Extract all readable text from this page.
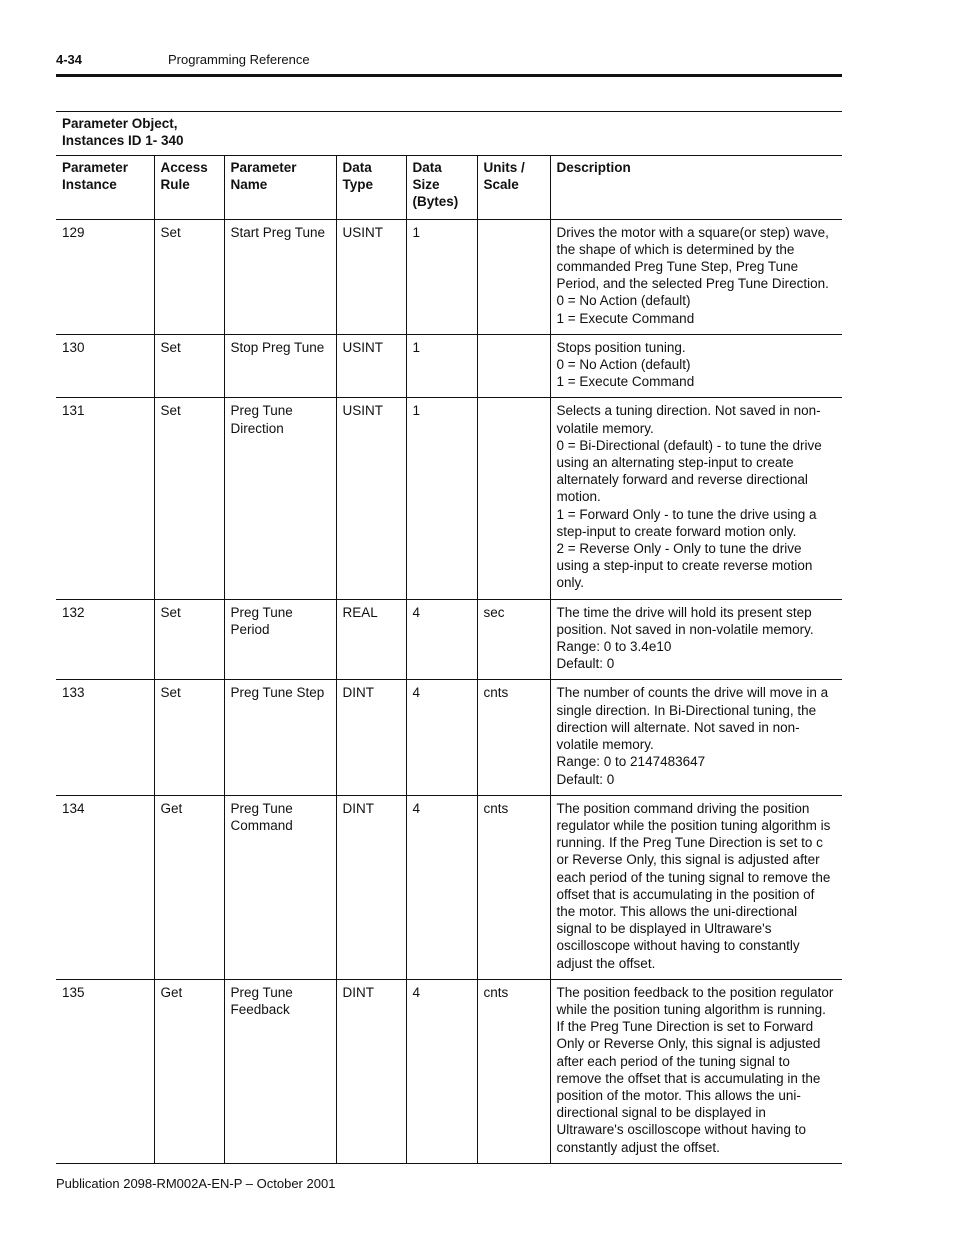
4-34	Programming Reference
Parameter Object,
Instances ID 1- 340
Parameter Instance	Access Rule	Parameter Name	Data Type	Data Size (Bytes)	Units / Scale	Description
129	Set	Start Preg Tune	USINT	1		Drives the motor with a square(or step) wave, the shape of which is determined by the commanded Preg Tune Step, Preg Tune Period, and the selected Preg Tune Direction.
0 = No Action (default)
1 = Execute Command
130	Set	Stop Preg Tune	USINT	1		Stops position tuning.
0 = No Action (default)
1 = Execute Command
131	Set	Preg Tune Direction	USINT	1		Selects a tuning direction. Not saved in non-volatile memory.
0 = Bi-Directional (default) - to tune the drive using an alternating step-input to create alternately forward and reverse directional motion.
1 = Forward Only - to tune the drive using a step-input to create forward motion only.
2 = Reverse Only - Only to tune the drive using a step-input to create reverse motion only.
132	Set	Preg Tune Period	REAL	4	sec	The time the drive will hold its present step position. Not saved in non-volatile memory.
Range: 0 to 3.4e10
Default: 0
133	Set	Preg Tune Step	DINT	4	cnts	The number of counts the drive will move in a single direction. In Bi-Directional tuning, the direction will alternate. Not saved in non-volatile memory.
Range: 0 to 2147483647
Default: 0
134	Get	Preg Tune Command	DINT	4	cnts	The position command driving the position regulator while the position tuning algorithm is running. If the Preg Tune Direction is set to c or Reverse Only, this signal is adjusted after each period of the tuning signal to remove the offset that is accumulating in the position of the motor. This allows the uni-directional signal to be displayed in Ultraware's oscilloscope without having to constantly adjust the offset.
135	Get	Preg Tune Feedback	DINT	4	cnts	The position feedback to the position regulator while the position tuning algorithm is running. If the Preg Tune Direction is set to Forward Only or Reverse Only, this signal is adjusted after each period of the tuning signal to remove the offset that is accumulating in the position of the motor. This allows the uni-directional signal to be displayed in Ultraware's oscilloscope without having to constantly adjust the offset.
Publication 2098-RM002A-EN-P – October 2001
